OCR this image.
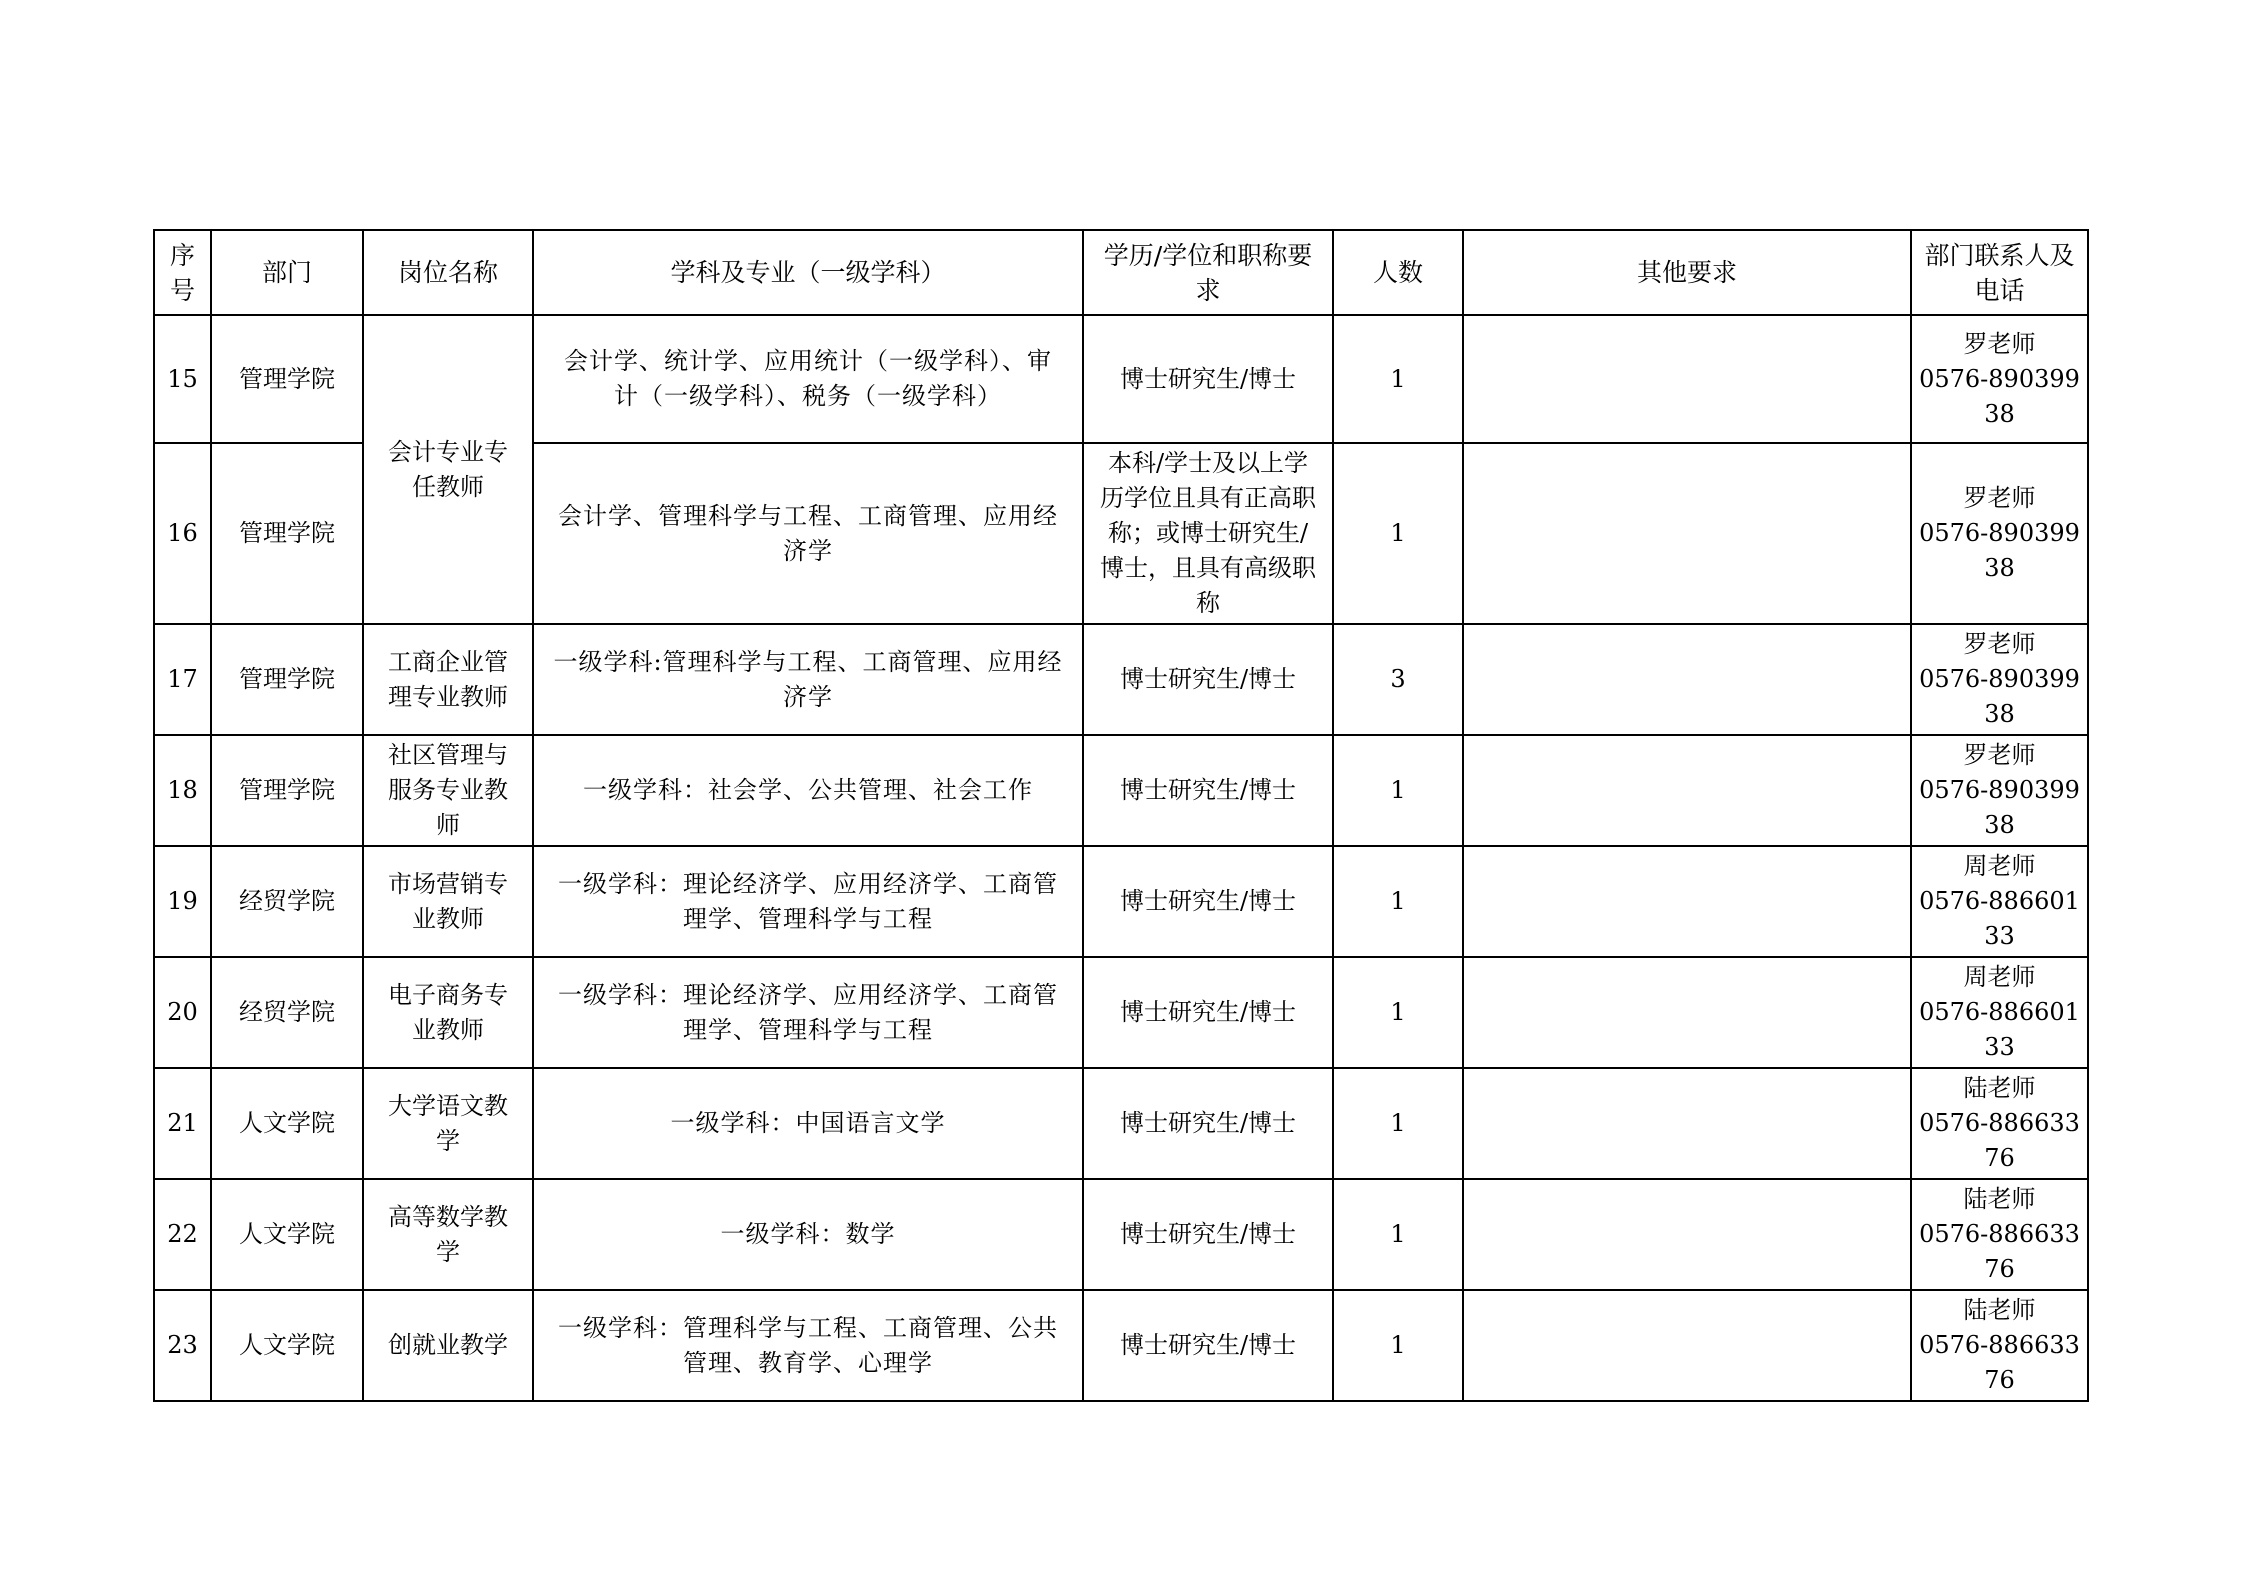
序号	部门	岗位名称	学科及专业（一级学科）	学历/学位和职称要求	人数	其他要求	部门联系人及电话
15	管理学院	会计专业专任教师	会计学、统计学、应用统计（一级学科）、审计（一级学科）、税务（一级学科）	博士研究生/博士	1		罗老师
0576-89039938

16	管理学院		会计学、管理科学与工程、工商管理、应用经济学	本科/学士及以上学历学位且具有正高职称；或博士研究生/博士，且具有高级职称	1		罗老师
0576-89039938

17	管理学院	工商企业管理专业教师	一级学科:管理科学与工程、工商管理、应用经济学	博士研究生/博士	3		罗老师
0576-89039938

18	管理学院	社区管理与服务专业教师	一级学科：社会学、公共管理、社会工作	博士研究生/博士	1		罗老师
0576-89039938

19	经贸学院	市场营销专业教师	一级学科：理论经济学、应用经济学、工商管理学、管理科学与工程	博士研究生/博士	1		周老师
0576-88660133

20	经贸学院	电子商务专业教师	一级学科：理论经济学、应用经济学、工商管理学、管理科学与工程	博士研究生/博士	1		周老师
0576-88660133

21	人文学院	大学语文教学	一级学科：中国语言文学	博士研究生/博士	1		陆老师
0576-88663376

22	人文学院	高等数学教学	一级学科：数学	博士研究生/博士	1		陆老师
0576-88663376

23	人文学院	创就业教学	一级学科：管理科学与工程、工商管理、公共管理、教育学、心理学	博士研究生/博士	1		陆老师
0576-88663376
